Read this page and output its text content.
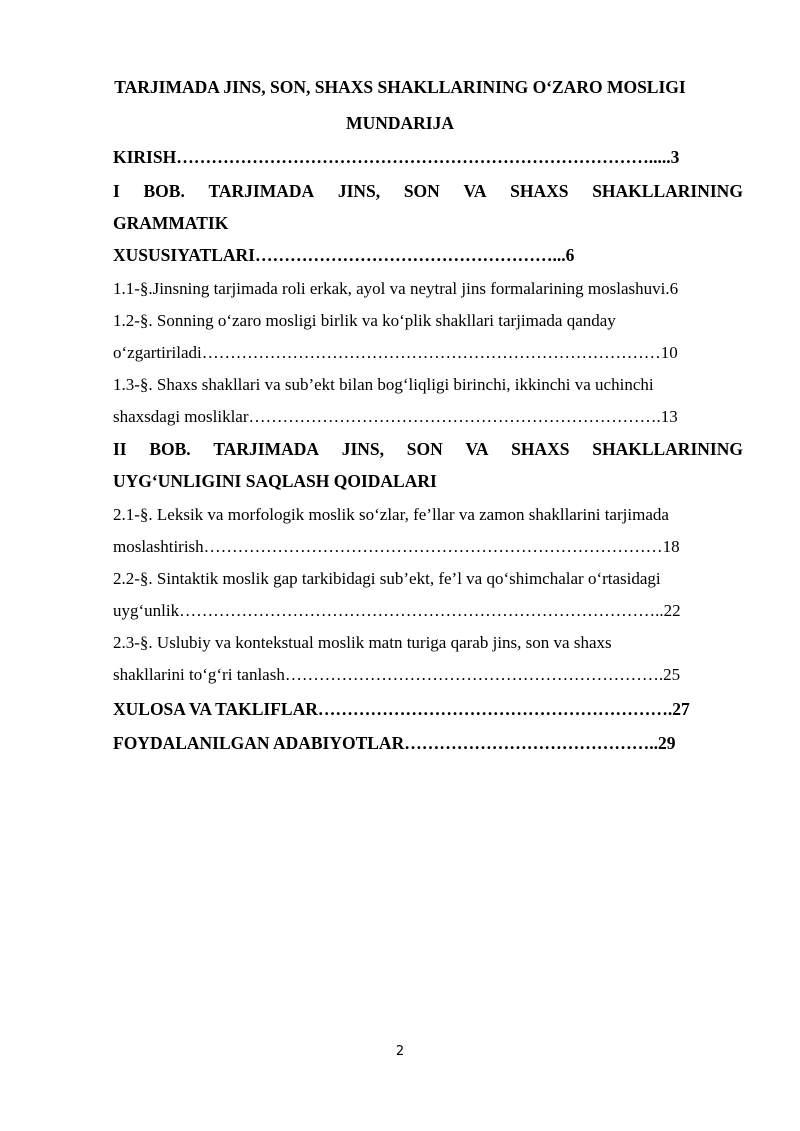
TARJIMADA JINS, SON, SHAXS SHAKLLARINING O‘ZARO MOSLIGI
MUNDARIJA
KIRISH……………………………………………………………………….....3
I BOB. TARJIMADA JINS, SON VA SHAXS SHAKLLARINING
GRAMMATIK
XUSUSIYATLARI……………………………………………...6
1.1-§.Jinsning tarjimada roli erkak, ayol va neytral jins formalarining moslashuvi.6
1.2-§. Sonning o‘zaro mosligi birlik va ko‘plik shakllari tarjimada qanday
o‘zgartiriladi………………………………………………………………………10
1.3-§. Shaxs shakllari va sub’ekt bilan bog‘liqligi birinchi, ikkinchi va uchinchi
shaxsdagi mosliklar……………………………………………………………….13
II BOB. TARJIMADA JINS, SON VA SHAXS SHAKLLARINING
UYG‘UNLIGINI SAQLASH QOIDALARI
2.1-§. Leksik va morfologik moslik so‘zlar, fe’llar va zamon shakllarini tarjimada
moslashtirish………………………………………………………………………18
2.2-§. Sintaktik moslik gap tarkibidagi sub’ekt, fe’l va qo‘shimchalar o‘rtasidagi
uyg‘unlik…………………………………………………………………………..22
2.3-§. Uslubiy va kontekstual moslik matn turiga qarab jins, son va shaxs
shakllarini to‘g‘ri tanlash………………………………………………………….25
XULOSA VA TAKLIFLAR…………………………………………………….27
FOYDALANILGAN ADABIYOTLAR……………………………………..29
2
